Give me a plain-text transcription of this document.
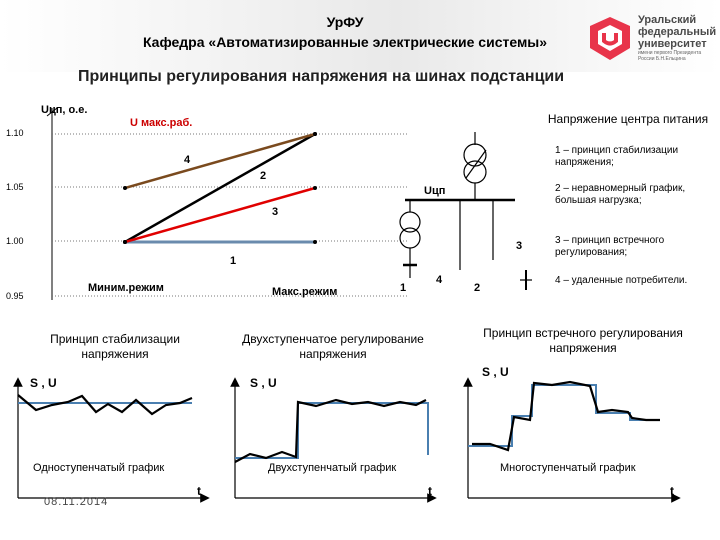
УрФУ
Кафедра «Автоматизированные электрические системы»
Принципы регулирования напряжения на шинах подстанции
Уральский
федеральный
университет
имени первого Президента
России Б.Н.Ельцина
Uцп, о.е.
1.10
1.05
1.00
0.95
U макс.раб.
4
2
3
1
Миним.режим	Макс.режим
Напряжение центра питания
Uцп
1
4
2
3
1 – принцип стабилизации напряжения;
2 – неравномерный график, большая нагрузка;
3 – принцип встречного регулирования;
4 – удаленные потребители.
Принцип стабилизации напряжения
Двухступенчатое регулирование напряжения
Принцип встречного регулирования напряжения
S , U	S , U
S , U
t	t	t
Одноступенчатый график	Двухступенчатый график	Многоступенчатый график
08.11.2014
